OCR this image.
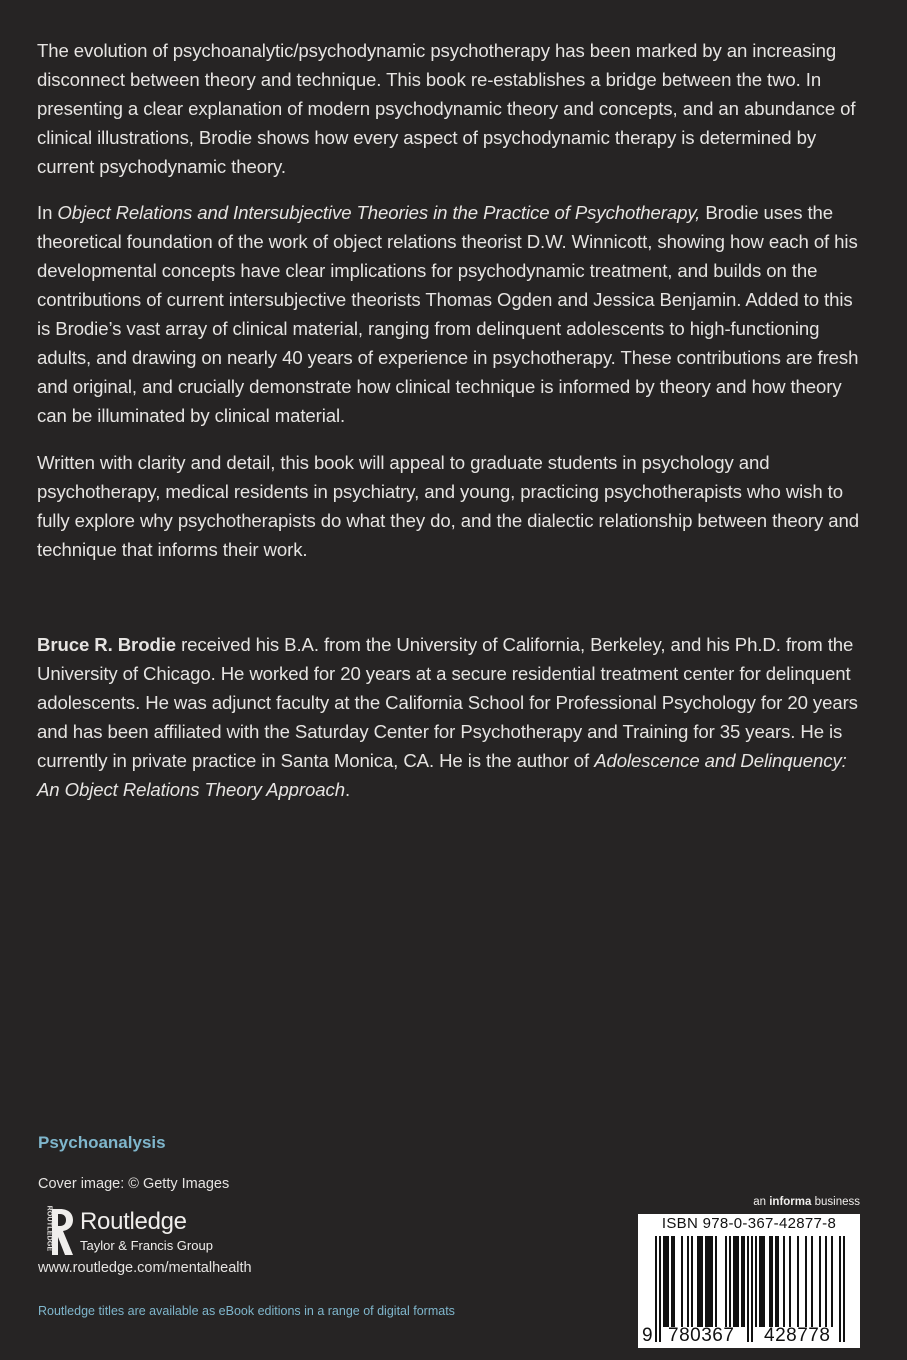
The evolution of psychoanalytic/psychodynamic psychotherapy has been marked by an increasing disconnect between theory and technique. This book re-establishes a bridge between the two. In presenting a clear explanation of modern psychodynamic theory and concepts, and an abundance of clinical illustrations, Brodie shows how every aspect of psychodynamic therapy is determined by current psychodynamic theory.

In Object Relations and Intersubjective Theories in the Practice of Psychotherapy, Brodie uses the theoretical foundation of the work of object relations theorist D.W. Winnicott, showing how each of his developmental concepts have clear implications for psychodynamic treatment, and builds on the contributions of current intersubjective theorists Thomas Ogden and Jessica Benjamin. Added to this is Brodie’s vast array of clinical material, ranging from delinquent adolescents to high-functioning adults, and drawing on nearly 40 years of experience in psychotherapy. These contributions are fresh and original, and crucially demonstrate how clinical technique is informed by theory and how theory can be illuminated by clinical material.

Written with clarity and detail, this book will appeal to graduate students in psychology and psychotherapy, medical residents in psychiatry, and young, practicing psychotherapists who wish to fully explore why psychotherapists do what they do, and the dialectic relationship between theory and technique that informs their work.

Bruce R. Brodie received his B.A. from the University of California, Berkeley, and his Ph.D. from the University of Chicago. He worked for 20 years at a secure residential treatment center for delinquent adolescents. He was adjunct faculty at the California School for Professional Psychology for 20 years and has been affiliated with the Saturday Center for Psychotherapy and Training for 35 years. He is currently in private practice in Santa Monica, CA. He is the author of Adolescence and Delinquency: An Object Relations Theory Approach.

Psychoanalysis
Cover image: © Getty Images
ROUTLEDGE Routledge
Taylor & Francis Group
www.routledge.com/mentalhealth
Routledge titles are available as eBook editions in a range of digital formats
an informa business
ISBN 978-0-367-42877-8
9 780367 428778
